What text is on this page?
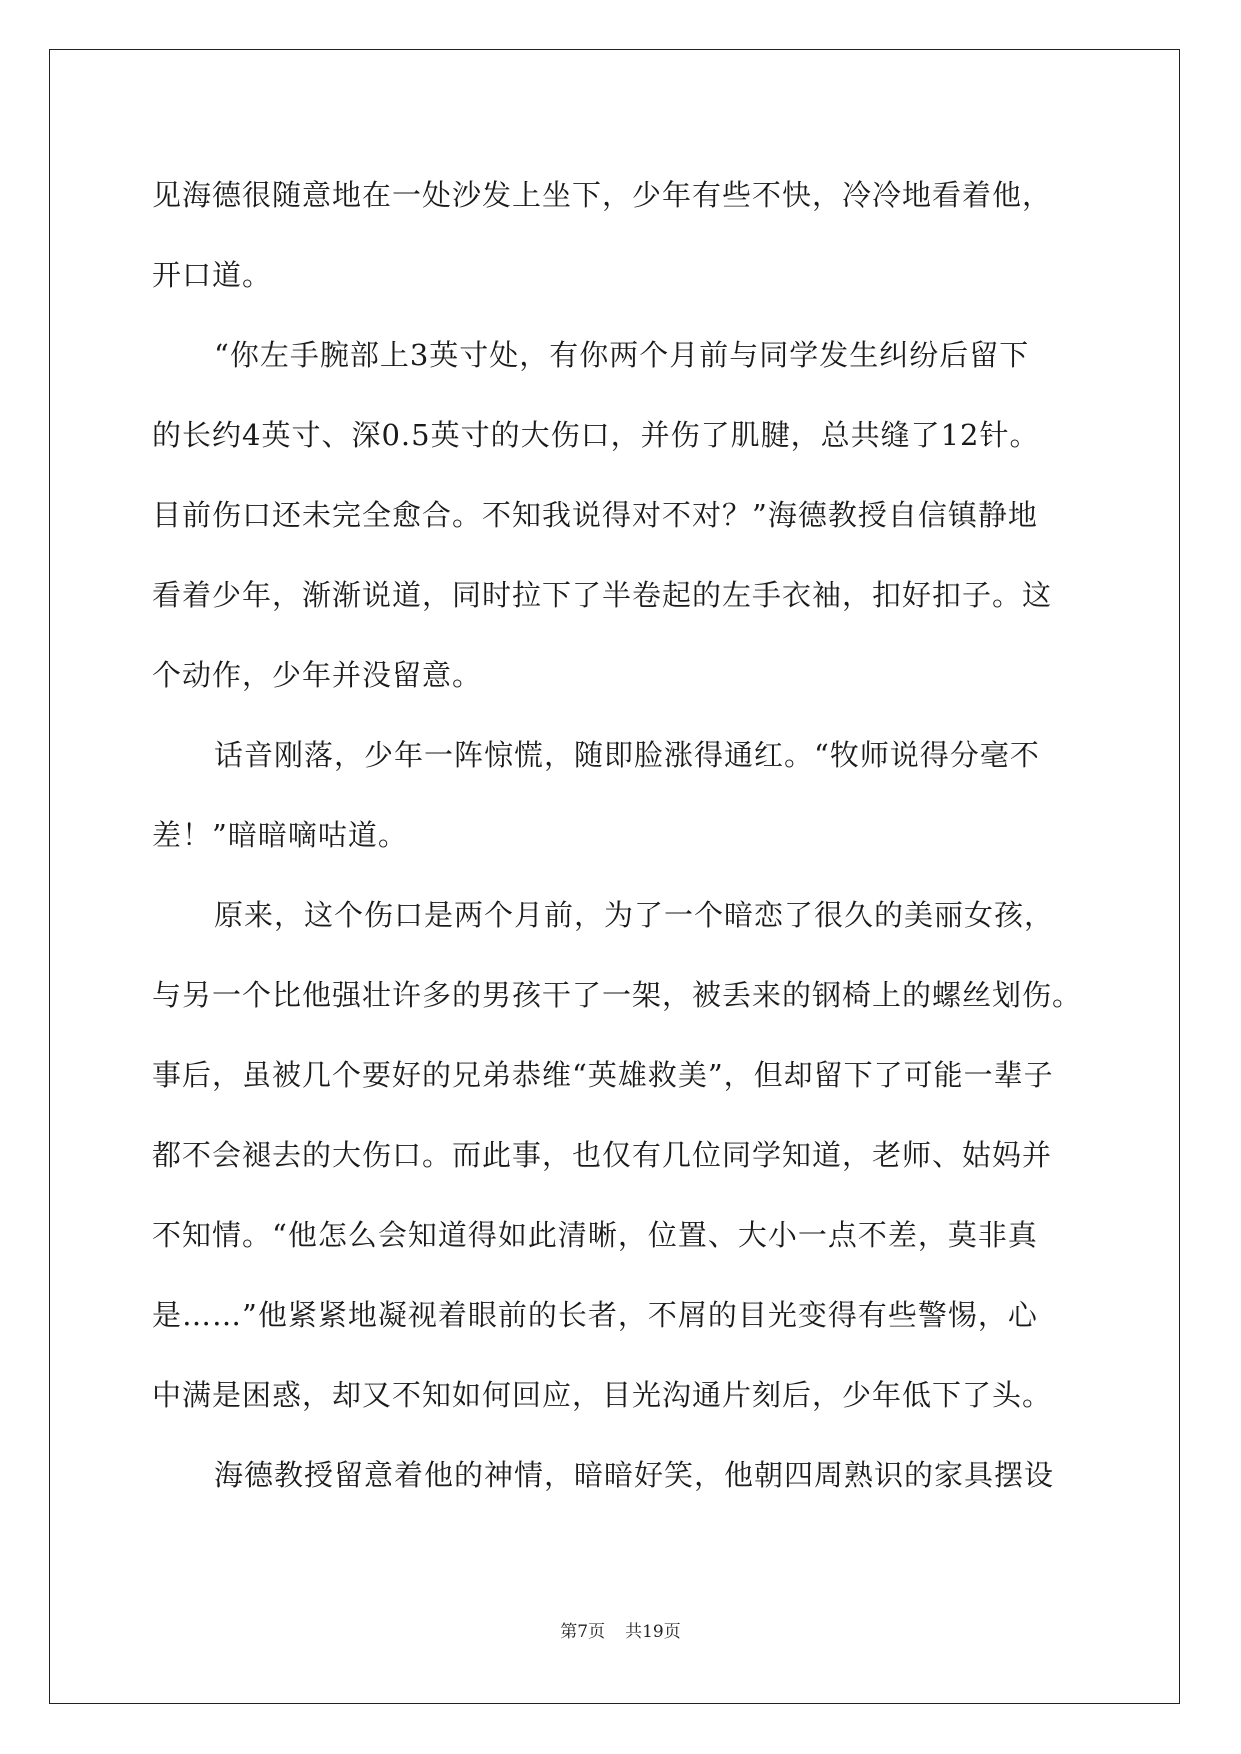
见海德很随意地在一处沙发上坐下，少年有些不快，冷冷地看着他，
开口道。
“你左手腕部上3英寸处，有你两个月前与同学发生纠纷后留下
的长约4英寸、深0.5英寸的大伤口，并伤了肌腱，总共缝了12针。
目前伤口还未完全愈合。不知我说得对不对？”海德教授自信镇静地
看着少年，渐渐说道，同时拉下了半卷起的左手衣袖，扣好扣子。这
个动作，少年并没留意。
话音刚落，少年一阵惊慌，随即脸涨得通红。“牧师说得分毫不
差！”暗暗嘀咕道。
原来，这个伤口是两个月前，为了一个暗恋了很久的美丽女孩，
与另一个比他强壮许多的男孩干了一架，被丢来的钢椅上的螺丝划伤。
事后，虽被几个要好的兄弟恭维“英雄救美”，但却留下了可能一辈子
都不会褪去的大伤口。而此事，也仅有几位同学知道，老师、姑妈并
不知情。“他怎么会知道得如此清晰，位置、大小一点不差，莫非真
是……”他紧紧地凝视着眼前的长者，不屑的目光变得有些警惕，心
中满是困惑，却又不知如何回应，目光沟通片刻后，少年低下了头。
海德教授留意着他的神情，暗暗好笑，他朝四周熟识的家具摆设
第7页 共19页
